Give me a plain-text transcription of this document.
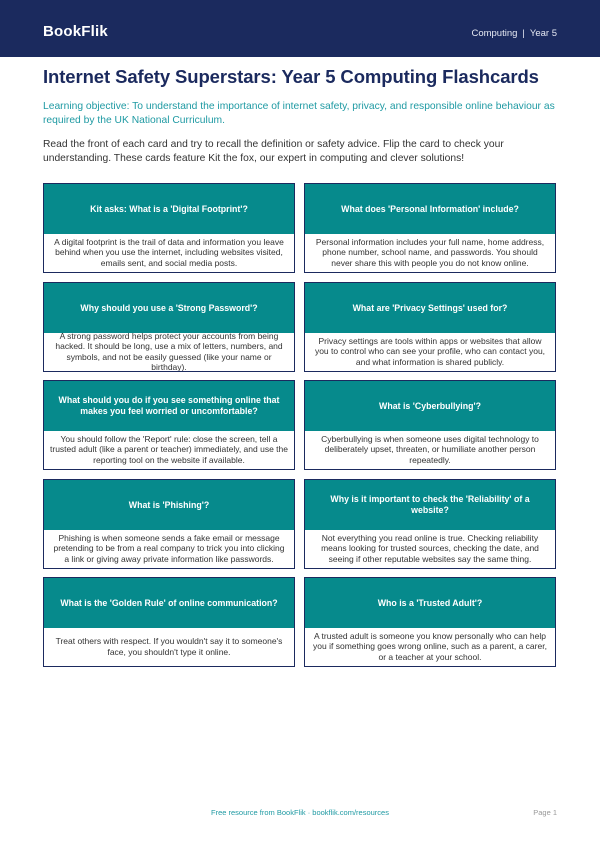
BookFlik	Computing | Year 5
Internet Safety Superstars: Year 5 Computing Flashcards
Learning objective: To understand the importance of internet safety, privacy, and responsible online behaviour as required by the UK National Curriculum.
Read the front of each card and try to recall the definition or safety advice. Flip the card to check your understanding. These cards feature Kit the fox, our expert in computing and clever solutions!
Kit asks: What is a 'Digital Footprint'?
A digital footprint is the trail of data and information you leave behind when you use the internet, including websites visited, emails sent, and social media posts.
What does 'Personal Information' include?
Personal information includes your full name, home address, phone number, school name, and passwords. You should never share this with people you do not know online.
Why should you use a 'Strong Password'?
A strong password helps protect your accounts from being hacked. It should be long, use a mix of letters, numbers, and symbols, and not be easily guessed (like your name or birthday).
What are 'Privacy Settings' used for?
Privacy settings are tools within apps or websites that allow you to control who can see your profile, who can contact you, and what information is shared publicly.
What should you do if you see something online that makes you feel worried or uncomfortable?
You should follow the 'Report' rule: close the screen, tell a trusted adult (like a parent or teacher) immediately, and use the reporting tool on the website if available.
What is 'Cyberbullying'?
Cyberbullying is when someone uses digital technology to deliberately upset, threaten, or humiliate another person repeatedly.
What is 'Phishing'?
Phishing is when someone sends a fake email or message pretending to be from a real company to trick you into clicking a link or giving away private information like passwords.
Why is it important to check the 'Reliability' of a website?
Not everything you read online is true. Checking reliability means looking for trusted sources, checking the date, and seeing if other reputable websites say the same thing.
What is the 'Golden Rule' of online communication?
Treat others with respect. If you wouldn't say it to someone's face, you shouldn't type it online.
Who is a 'Trusted Adult'?
A trusted adult is someone you know personally who can help you if something goes wrong online, such as a parent, a carer, or a teacher at your school.
Free resource from BookFlik · bookflik.com/resources	Page 1
